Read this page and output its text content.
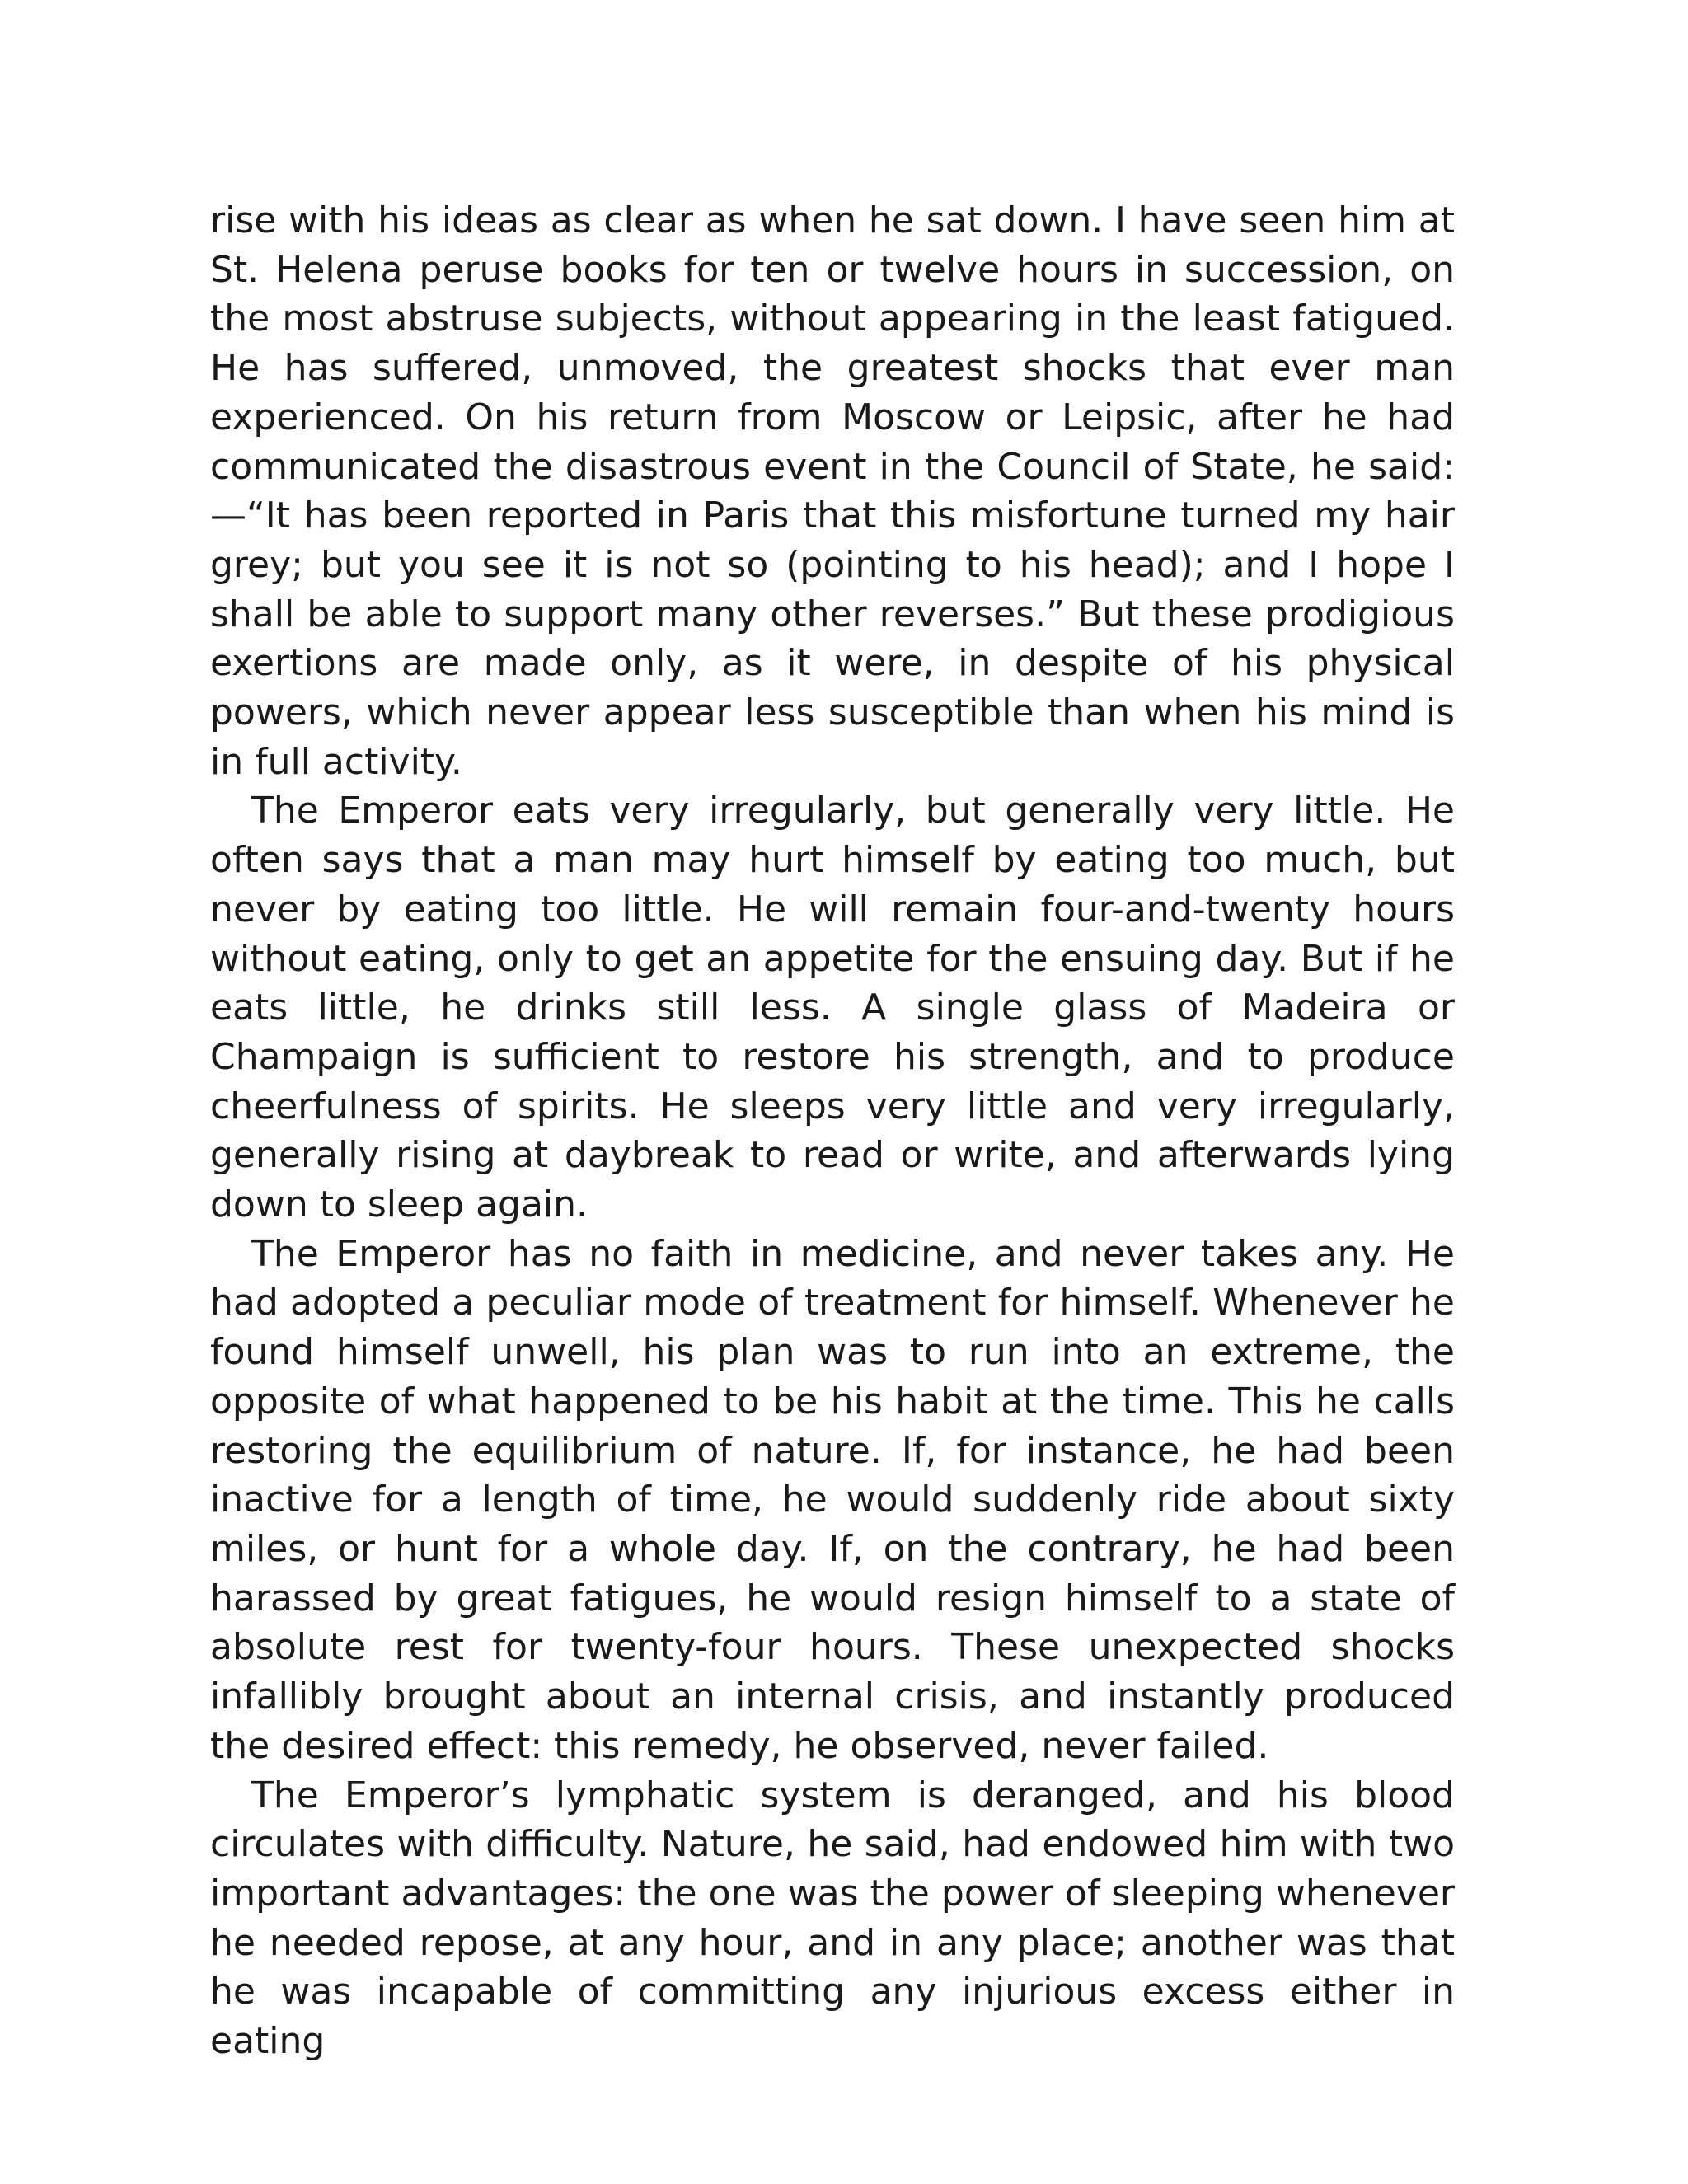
rise with his ideas as clear as when he sat down. I have seen him at St. Helena peruse books for ten or twelve hours in succession, on the most abstruse subjects, without appearing in the least fatigued. He has suffered, unmoved, the greatest shocks that ever man experienced. On his return from Moscow or Leipsic, after he had communicated the disastrous event in the Council of State, he said: —“It has been reported in Paris that this misfortune turned my hair grey; but you see it is not so (pointing to his head); and I hope I shall be able to support many other reverses.” But these prodigious exertions are made only, as it were, in despite of his physical powers, which never appear less susceptible than when his mind is in full activity.

The Emperor eats very irregularly, but generally very little. He often says that a man may hurt himself by eating too much, but never by eating too little. He will remain four-and-twenty hours without eating, only to get an appetite for the ensuing day. But if he eats little, he drinks still less. A single glass of Madeira or Champaign is sufficient to restore his strength, and to produce cheerfulness of spirits. He sleeps very little and very irregularly, generally rising at daybreak to read or write, and afterwards lying down to sleep again.

The Emperor has no faith in medicine, and never takes any. He had adopted a peculiar mode of treatment for himself. Whenever he found himself unwell, his plan was to run into an extreme, the opposite of what happened to be his habit at the time. This he calls restoring the equilibrium of nature. If, for instance, he had been inactive for a length of time, he would suddenly ride about sixty miles, or hunt for a whole day. If, on the contrary, he had been harassed by great fatigues, he would resign himself to a state of absolute rest for twenty-four hours. These unexpected shocks infallibly brought about an internal crisis, and instantly produced the desired effect: this remedy, he observed, never failed.

The Emperor’s lymphatic system is deranged, and his blood circulates with difficulty. Nature, he said, had endowed him with two important advantages: the one was the power of sleeping whenever he needed repose, at any hour, and in any place; another was that he was incapable of committing any injurious excess either in eating
